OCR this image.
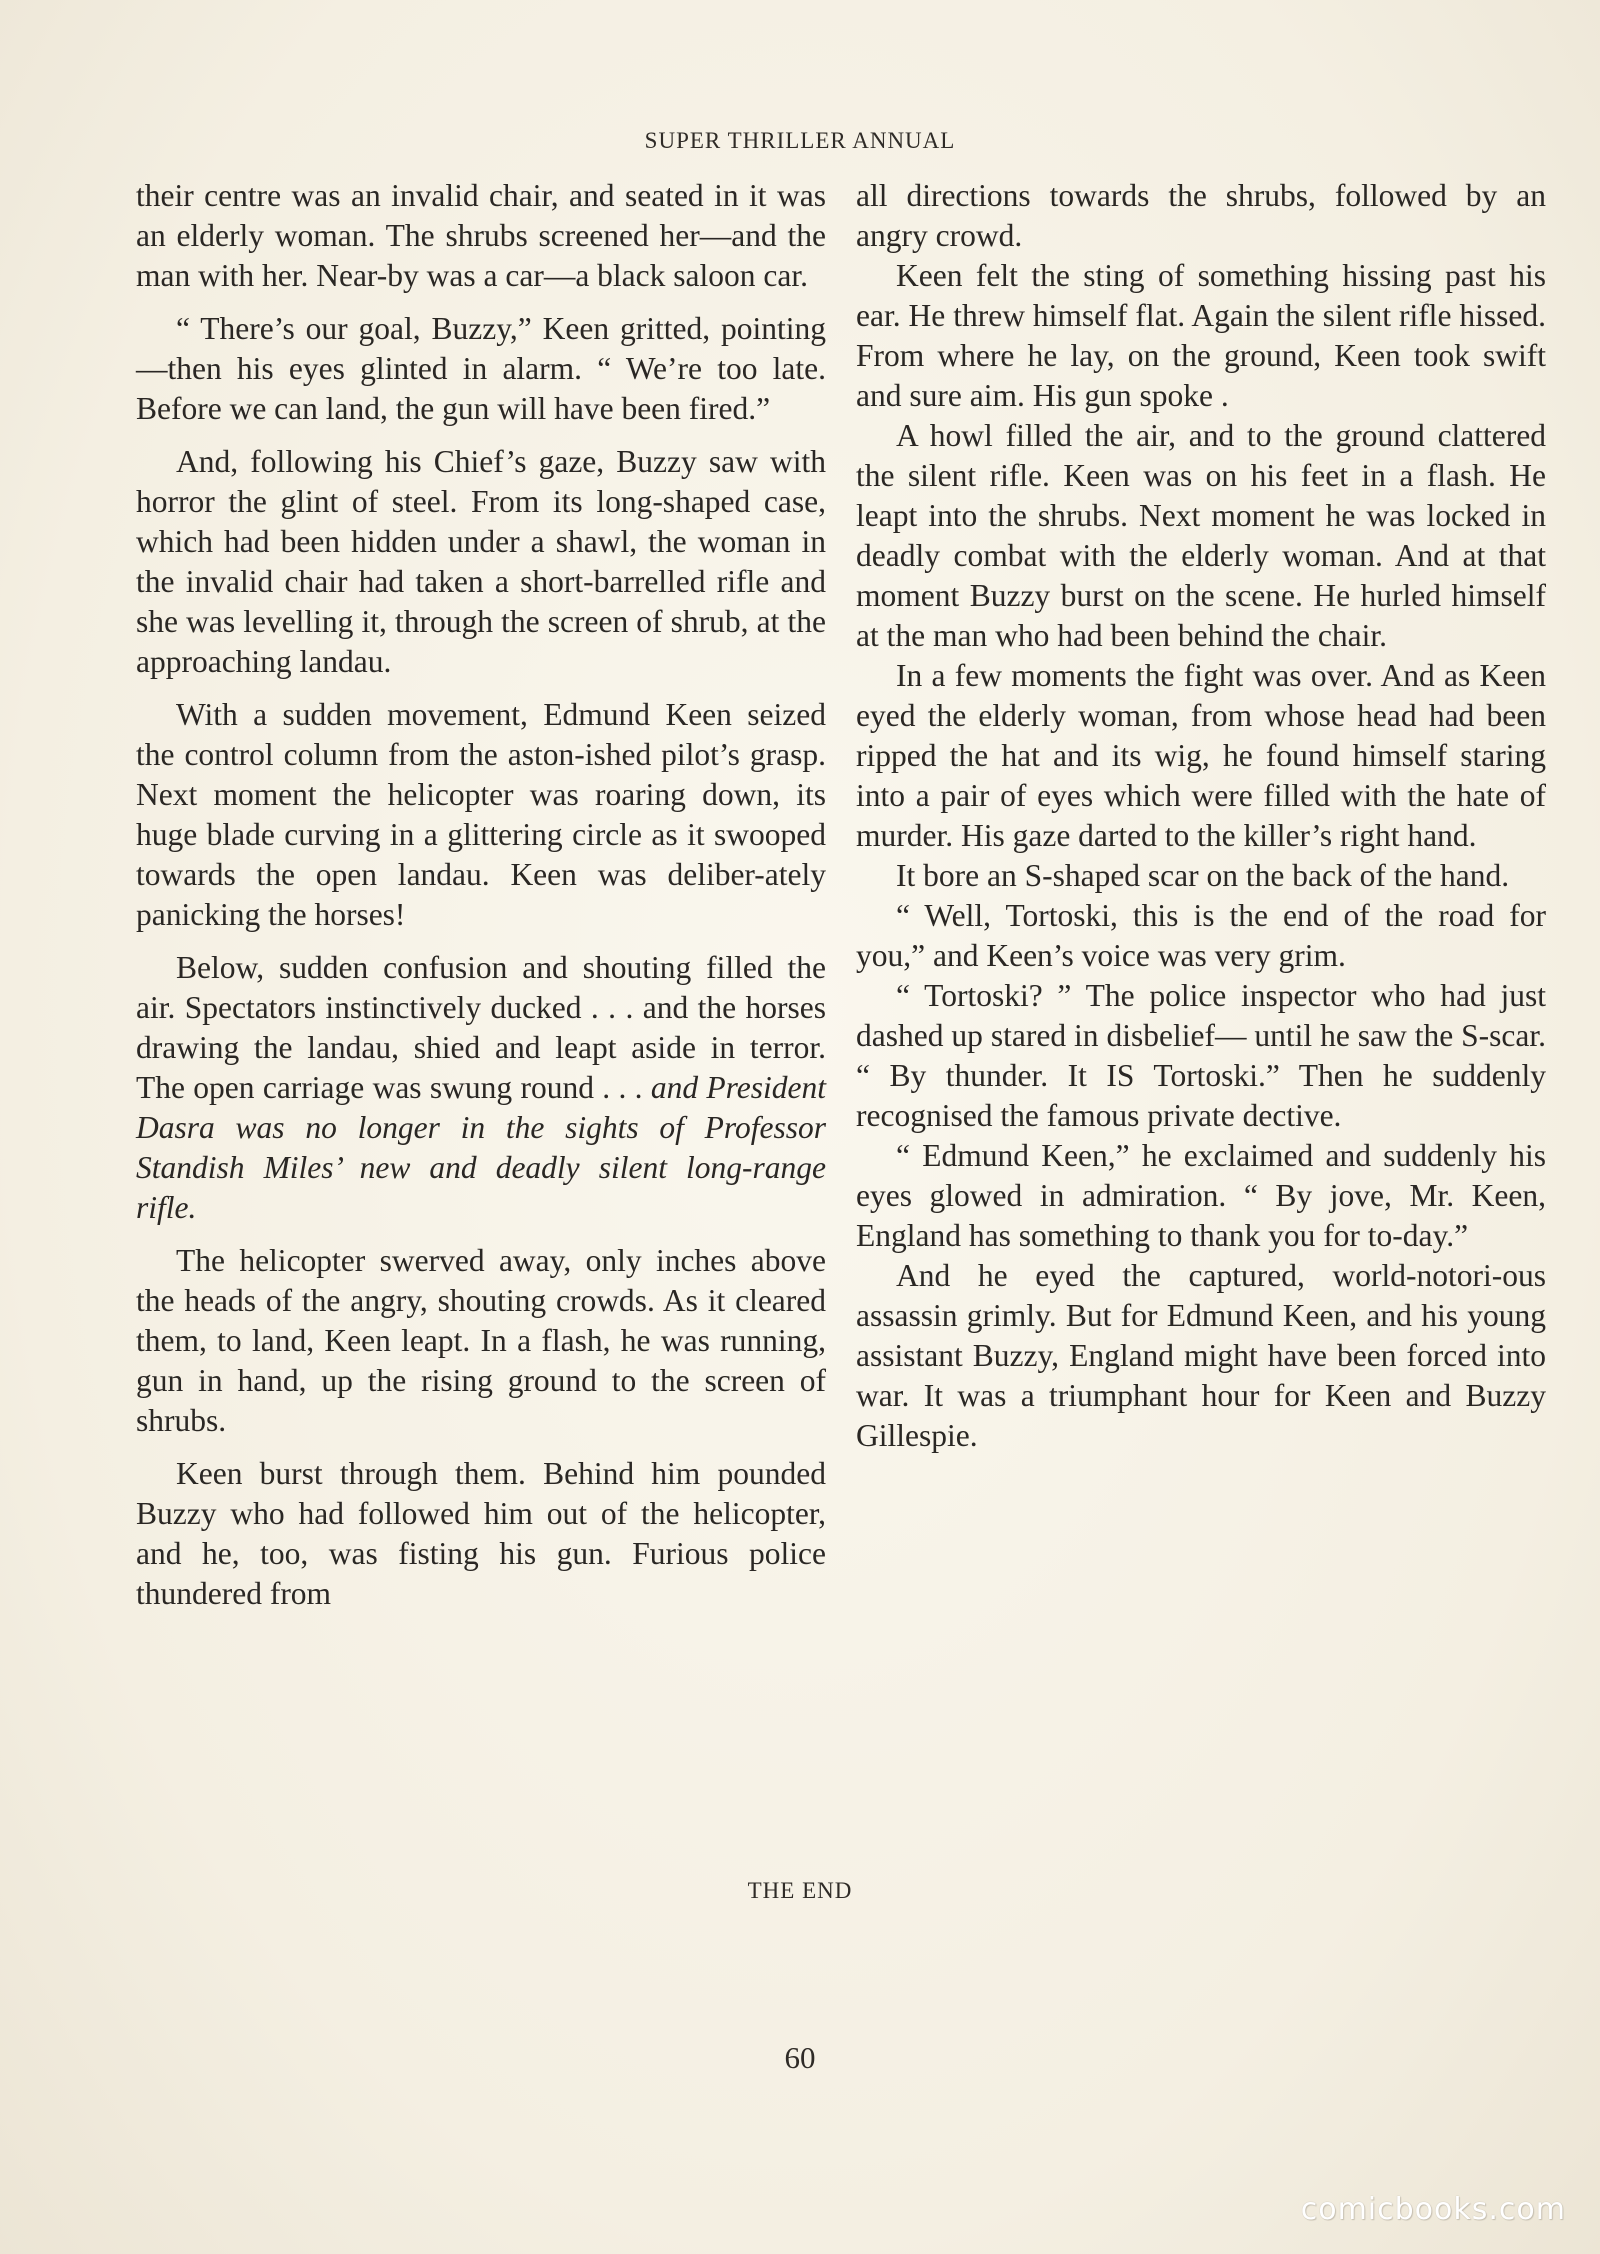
SUPER THRILLER ANNUAL

their centre was an invalid chair, and seated in it was an elderly woman. The shrubs screened her—and the man with her. Near-by was a car—a black saloon car.

“ There’s our goal, Buzzy,” Keen gritted, pointing—then his eyes glinted in alarm. “ We’re too late. Before we can land, the gun will have been fired.”

And, following his Chief’s gaze, Buzzy saw with horror the glint of steel. From its long-shaped case, which had been hidden under a shawl, the woman in the invalid chair had taken a short-barrelled rifle and she was levelling it, through the screen of shrub, at the approaching landau.

With a sudden movement, Edmund Keen seized the control column from the aston-ished pilot’s grasp. Next moment the helicopter was roaring down, its huge blade curving in a glittering circle as it swooped towards the open landau. Keen was deliber-ately panicking the horses!

Below, sudden confusion and shouting filled the air. Spectators instinctively ducked . . . and the horses drawing the landau, shied and leapt aside in terror. The open carriage was swung round . . . and President Dasra was no longer in the sights of Professor Standish Miles’ new and deadly silent long-range rifle.

The helicopter swerved away, only inches above the heads of the angry, shouting crowds. As it cleared them, to land, Keen leapt. In a flash, he was running, gun in hand, up the rising ground to the screen of shrubs.

Keen burst through them. Behind him pounded Buzzy who had followed him out of the helicopter, and he, too, was fisting his gun. Furious police thundered from

all directions towards the shrubs, followed by an angry crowd.

Keen felt the sting of something hissing past his ear. He threw himself flat. Again the silent rifle hissed. From where he lay, on the ground, Keen took swift and sure aim. His gun spoke .

A howl filled the air, and to the ground clattered the silent rifle. Keen was on his feet in a flash. He leapt into the shrubs. Next moment he was locked in deadly combat with the elderly woman. And at that moment Buzzy burst on the scene. He hurled himself at the man who had been behind the chair.

In a few moments the fight was over. And as Keen eyed the elderly woman, from whose head had been ripped the hat and its wig, he found himself staring into a pair of eyes which were filled with the hate of murder. His gaze darted to the killer’s right hand.

It bore an S-shaped scar on the back of the hand.

“ Well, Tortoski, this is the end of the road for you,” and Keen’s voice was very grim.

“ Tortoski? ” The police inspector who had just dashed up stared in disbelief— until he saw the S-scar. “ By thunder. It IS Tortoski.” Then he suddenly recognised the famous private dective.

“ Edmund Keen,” he exclaimed and suddenly his eyes glowed in admiration. “ By jove, Mr. Keen, England has something to thank you for to-day.”

And he eyed the captured, world-notori-ous assassin grimly. But for Edmund Keen, and his young assistant Buzzy, England might have been forced into war. It was a triumphant hour for Keen and Buzzy Gillespie.

THE END
60
comicbooks.com
